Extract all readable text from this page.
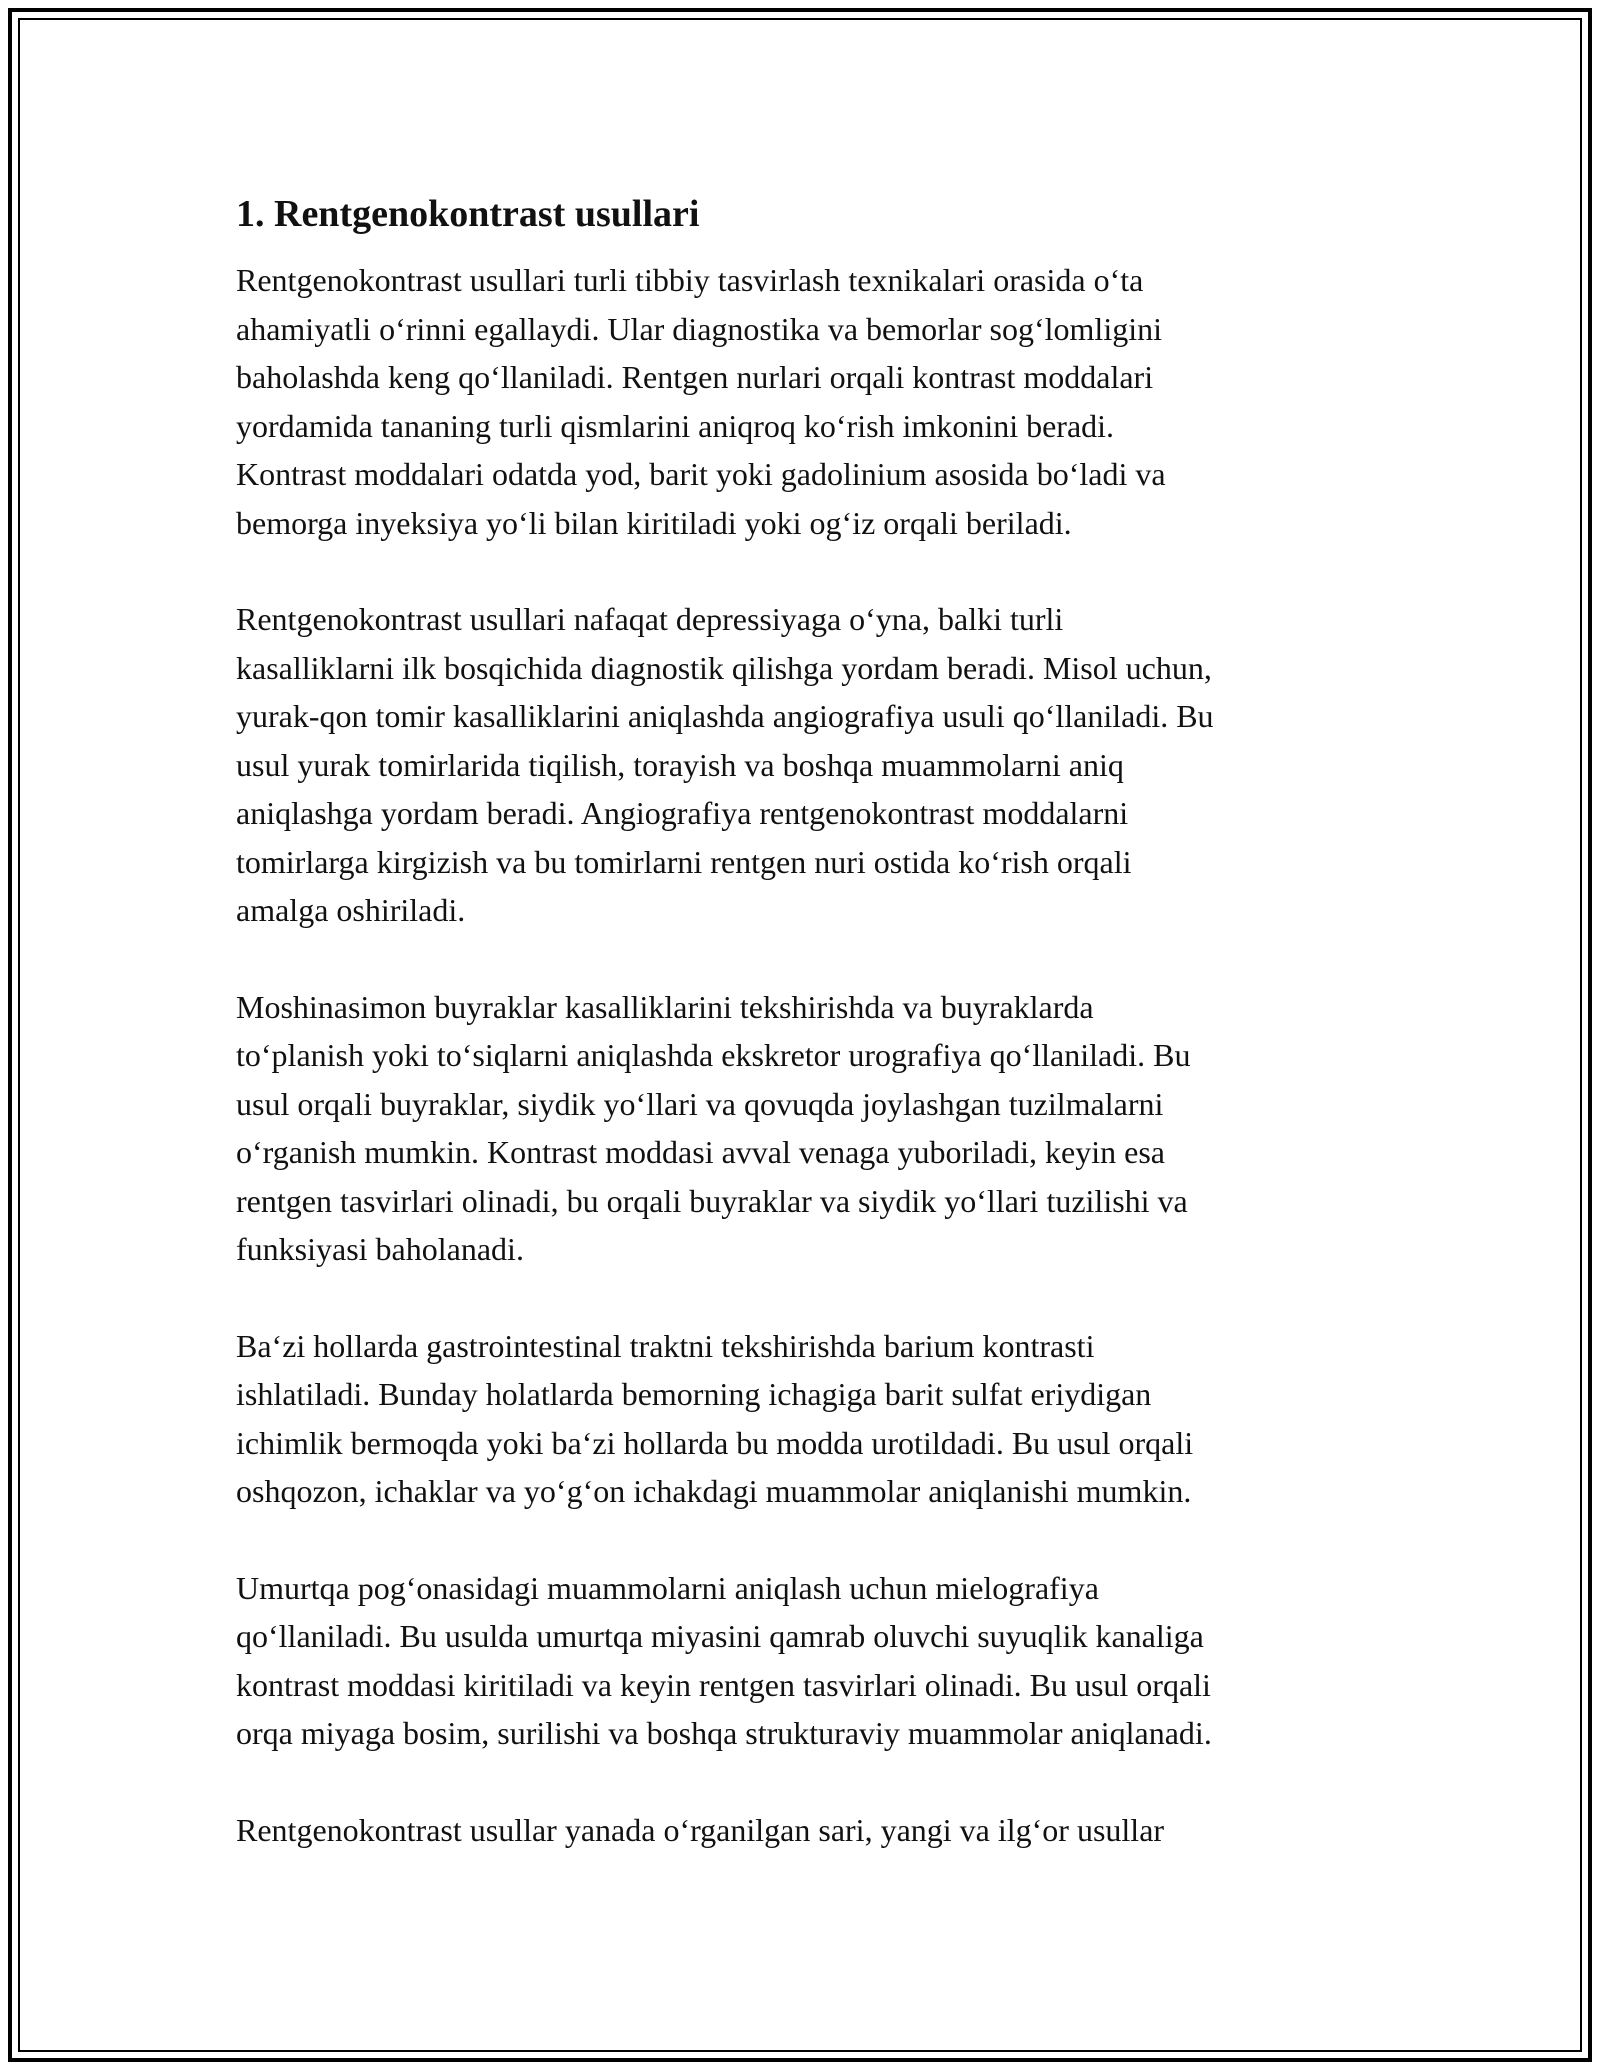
1. Rentgenokontrast usullari
Rentgenokontrast usullari turli tibbiy tasvirlash texnikalari orasida oʻta
ahamiyatli oʻrinni egallaydi. Ular diagnostika va bemorlar sogʻlomligini
baholashda keng qoʻllaniladi. Rentgen nurlari orqali kontrast moddalari
yordamida tananing turli qismlarini aniqroq koʻrish imkonini beradi.
Kontrast moddalari odatda yod, barit yoki gadolinium asosida boʻladi va
bemorga inyeksiya yoʻli bilan kiritiladi yoki ogʻiz orqali beriladi.
Rentgenokontrast usullari nafaqat depressiyaga oʻyna, balki turli
kasalliklarni ilk bosqichida diagnostik qilishga yordam beradi. Misol uchun,
yurak-qon tomir kasalliklarini aniqlashda angiografiya usuli qoʻllaniladi. Bu
usul yurak tomirlarida tiqilish, torayish va boshqa muammolarni aniq
aniqlashga yordam beradi. Angiografiya rentgenokontrast moddalarni
tomirlarga kirgizish va bu tomirlarni rentgen nuri ostida koʻrish orqali
amalga oshiriladi.
Moshinasimon buyraklar kasalliklarini tekshirishda va buyraklarda
toʻplanish yoki toʻsiqlarni aniqlashda ekskretor urografiya qoʻllaniladi. Bu
usul orqali buyraklar, siydik yoʻllari va qovuqda joylashgan tuzilmalarni
oʻrganish mumkin. Kontrast moddasi avval venaga yuboriladi, keyin esa
rentgen tasvirlari olinadi, bu orqali buyraklar va siydik yoʻllari tuzilishi va
funksiyasi baholanadi.
Baʻzi hollarda gastrointestinal traktni tekshirishda barium kontrasti
ishlatiladi. Bunday holatlarda bemorning ichagiga barit sulfat eriydigan
ichimlik bermoqda yoki baʻzi hollarda bu modda urotildadi. Bu usul orqali
oshqozon, ichaklar va yoʻgʻon ichakdagi muammolar aniqlanishi mumkin.
Umurtqa pogʻonasidagi muammolarni aniqlash uchun mielografiya
qoʻllaniladi. Bu usulda umurtqa miyasini qamrab oluvchi suyuqlik kanaliga
kontrast moddasi kiritiladi va keyin rentgen tasvirlari olinadi. Bu usul orqali
orqa miyaga bosim, surilishi va boshqa strukturaviy muammolar aniqlanadi.
Rentgenokontrast usullar yanada oʻrganilgan sari, yangi va ilgʻor usullar
